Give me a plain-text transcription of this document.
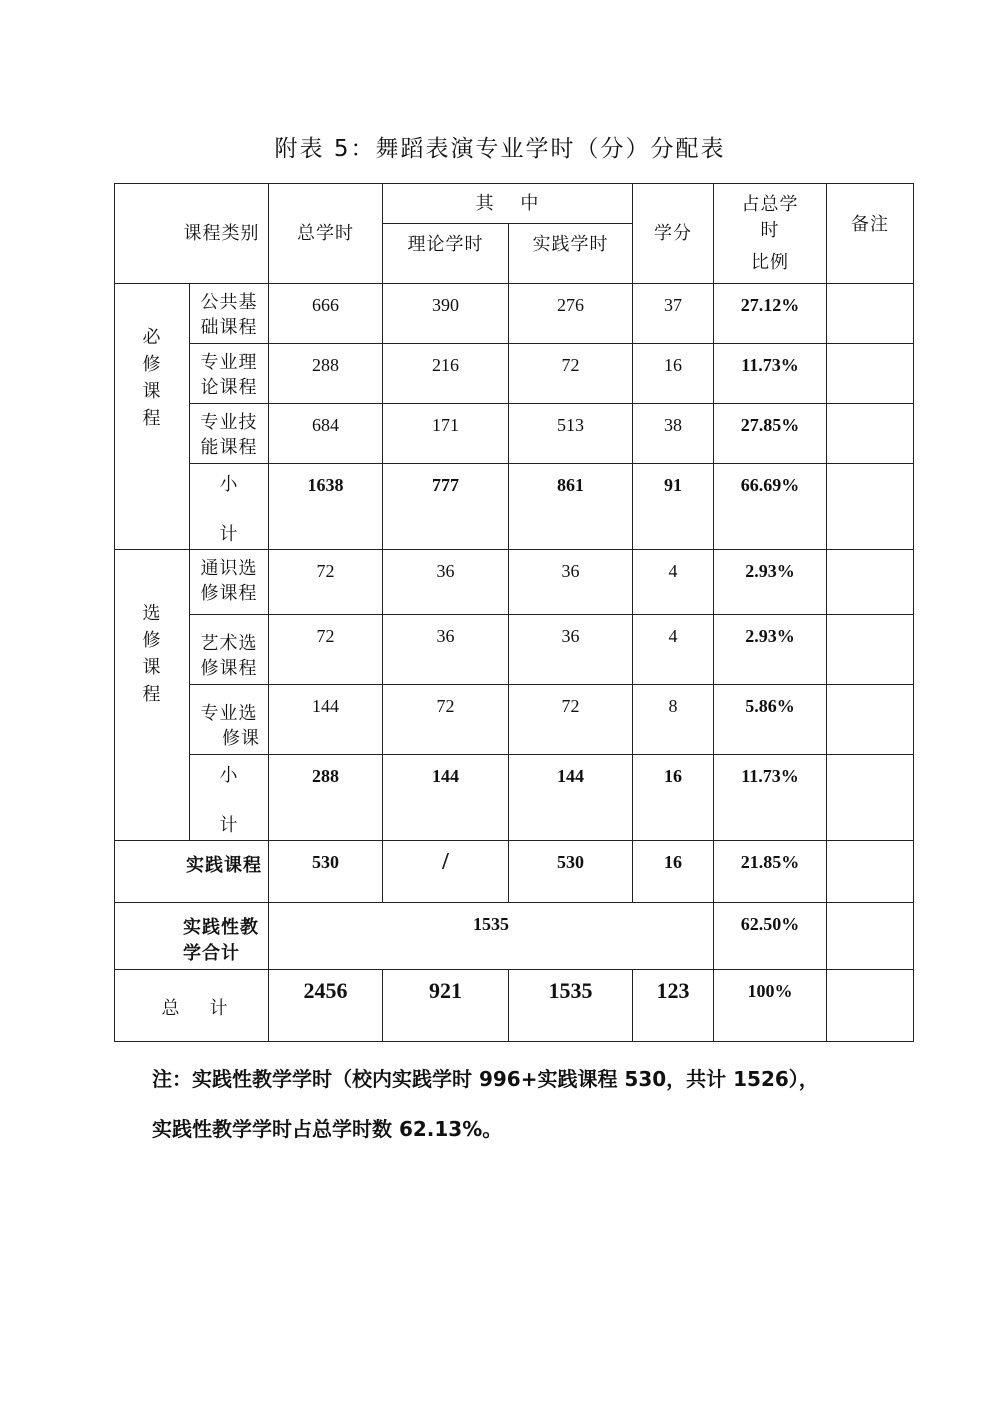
附表 5：舞蹈表演专业学时（分）分配表
课程类别		总学时	其　 中		学分	占总学
时
比例	备注
			理论学时	实践学时			
必修课程	公共基
础课程	666	390	276	37	27.12%	

	专业理
论课程	288	216	72	16	11.73%	

	专业技
能课程	684	171	513	38	27.85%	

	小
计	1638	777	861	91	66.69%	
选修课程	通识选
修课程	72	36	36	4	2.93%	

	艺术选
修课程	72	36	36	4	2.93%	

	专业选
修课	144	72	72	8	5.86%	

	小
计	288	144	144	16	11.73%	
实践课程		530	/	530	16	21.85%	

实践性教
学合计		1535				62.50%	
总　计		2456	921	1535	123	100%	
注：实践性教学学时（校内实践学时 996+实践课程 530，共计 1526），
实践性教学学时占总学时数 62.13%。
